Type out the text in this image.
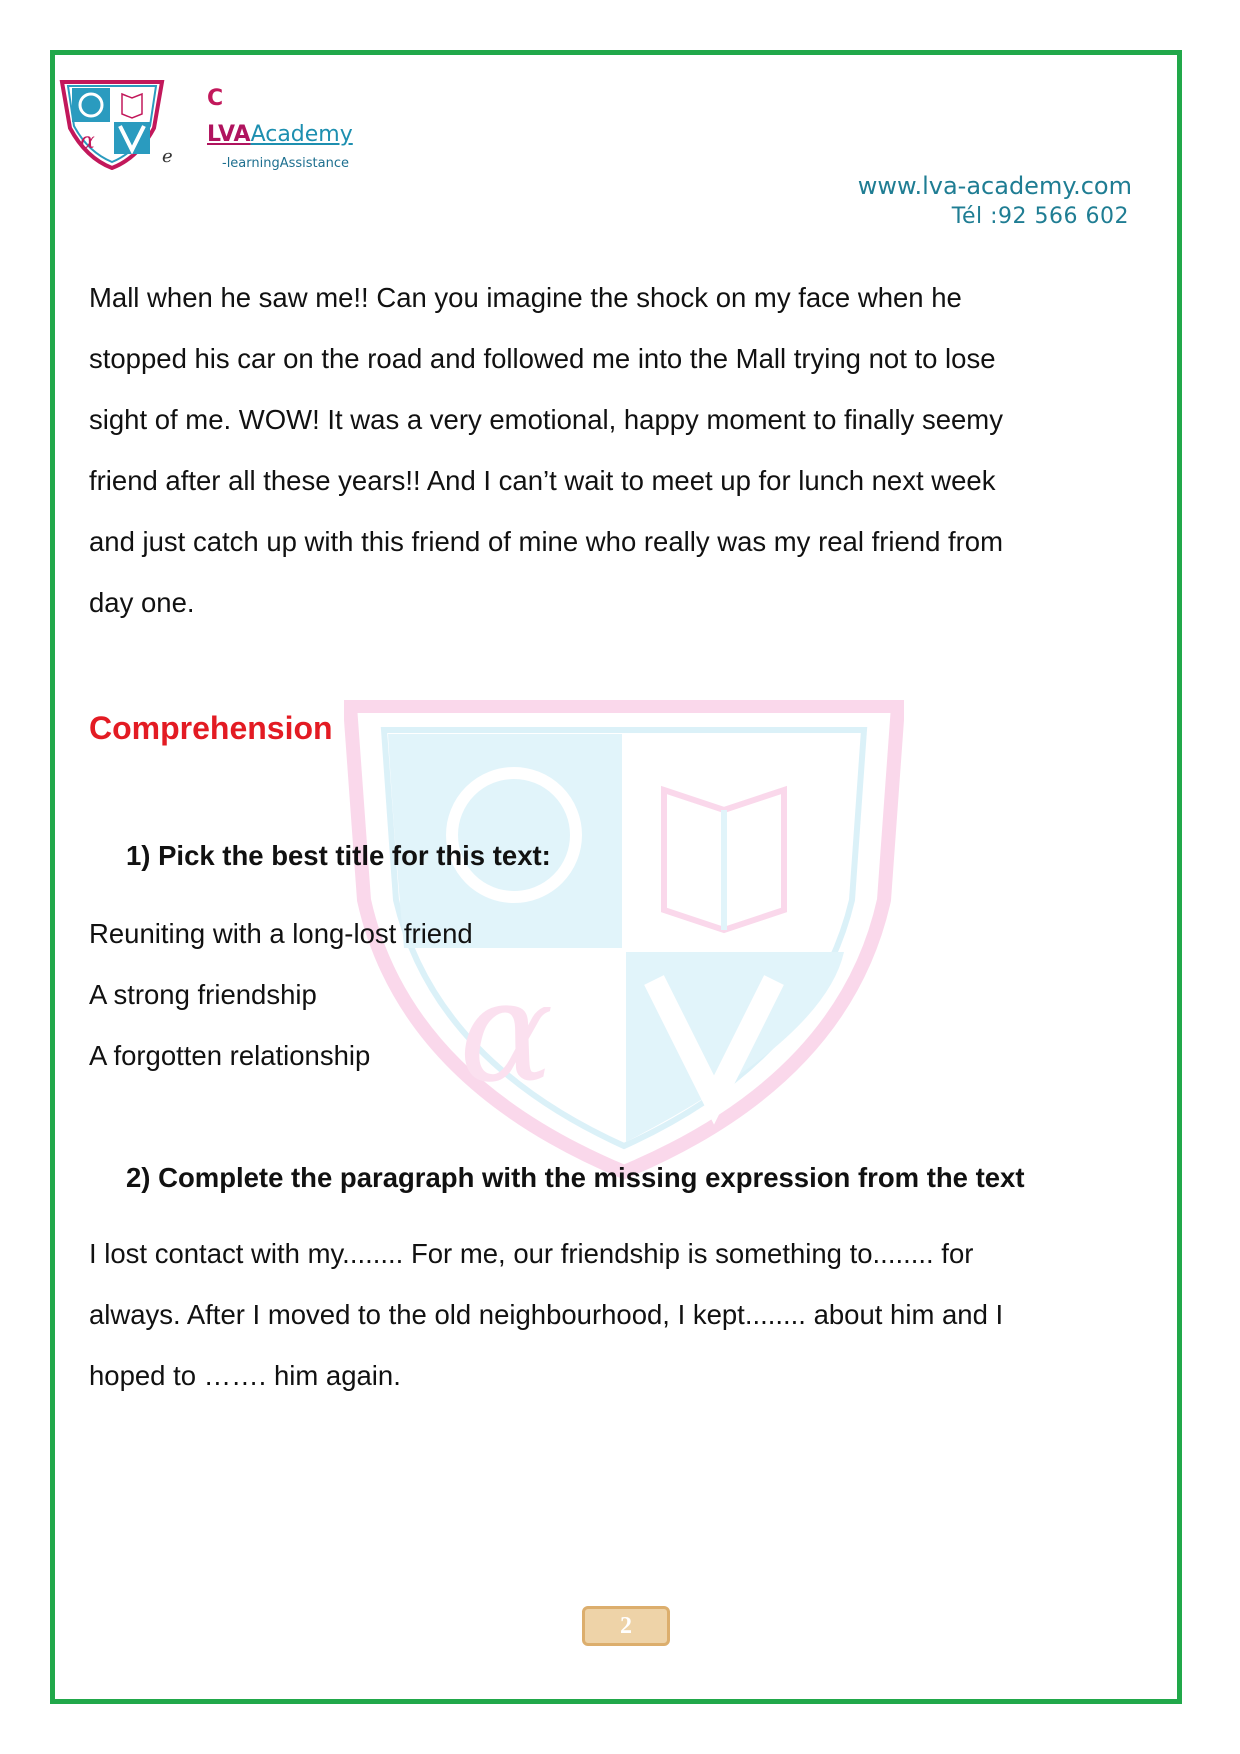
α
e
C
LVAAcademy
-learningAssistance
www.lva-academy.com
Tél :92 566 602
α
Mall when he saw me!! Can you imagine the shock on my face when he
stopped his car on the road and followed me into the Mall trying not to lose
sight of me. WOW! It was a very emotional, happy moment to finally seemy
friend after all these years!! And I can’t wait to meet up for lunch next week
and just catch up with this friend of mine who really was my real friend from
day one.
Comprehension
1) Pick the best title for this text:
Reuniting with a long-lost friend
A strong friendship
A forgotten relationship
2) Complete the paragraph with the missing expression from the text
I lost contact with my........ For me, our friendship is something to........ for
always. After I moved to the old neighbourhood, I kept........ about him and I
hoped to ……. him again.
2
